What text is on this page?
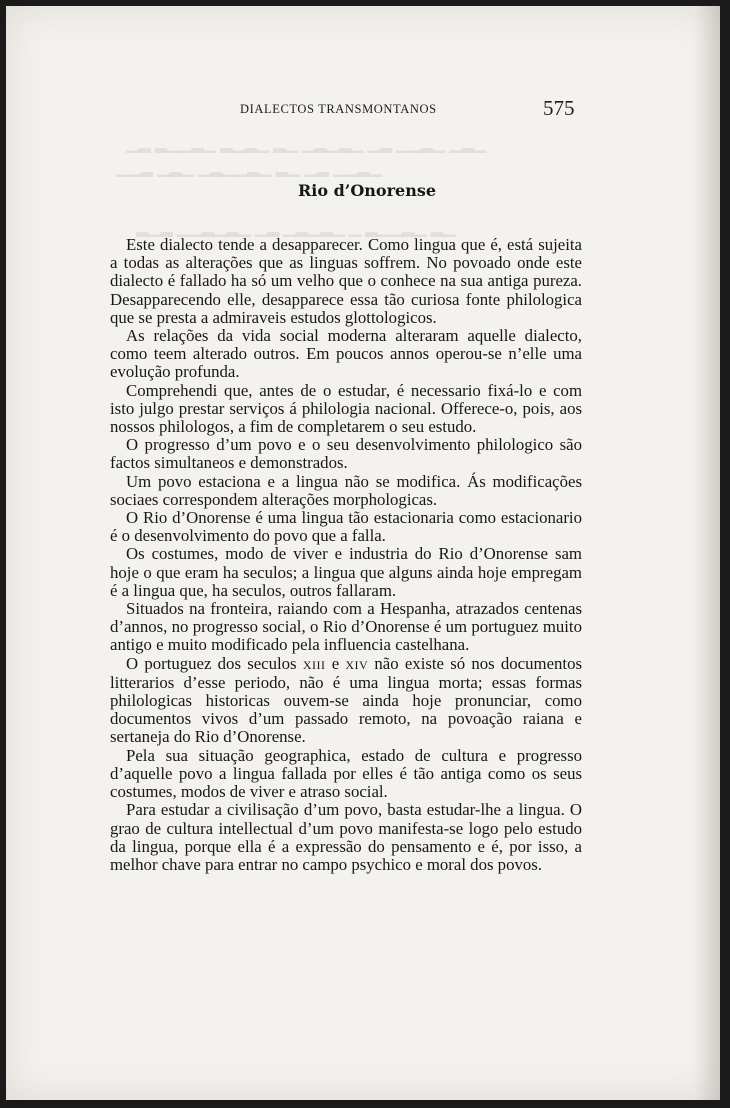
▁▂▁ ▁▂▁▁ ▂▁ ▁▂▁▂▁ ▁▂ ▁▂▁▂ ▁▂▁▁▂ ▂▁
▁▂▁▁ ▂▁ ▁▂ ▁▂▁▁▂▁ ▁▂▁ ▂▁▁
▁▂ ▁▂▁▁▂ ▁ ▁▂▁▂▁ ▂▁ ▁▂▁▂▁▁ ▂▁▂
DIALECTOS TRANSMONTANOS	575
Rio d’Onorense

Este dialecto tende a desapparecer. Como lingua que é, está sujeita a todas as alterações que as linguas soffrem. No povoado onde este dialecto é fallado ha só um velho que o conhece na sua antiga pureza. Desapparecendo elle, desapparece essa tão curiosa fonte philologica que se presta a admiraveis estudos glottologicos.

As relações da vida social moderna alteraram aquelle dialecto, como teem alterado outros. Em poucos annos operou-se n’elle uma evolução profunda.

Comprehendi que, antes de o estudar, é necessario fixá-lo e com isto julgo prestar serviços á philologia nacional. Offerece-o, pois, aos nossos philologos, a fim de completarem o seu estudo.

O progresso d’um povo e o seu desenvolvimento philologico são factos simultaneos e demonstrados.

Um povo estaciona e a lingua não se modifica. Ás modificações sociaes correspondem alterações morphologicas.

O Rio d’Onorense é uma lingua tão estacionaria como estacionario é o desenvolvimento do povo que a falla.

Os costumes, modo de viver e industria do Rio d’Onorense sam hoje o que eram ha seculos; a lingua que alguns ainda hoje empregam é a lingua que, ha seculos, outros fallaram.

Situados na fronteira, raiando com a Hespanha, atrazados centenas d’annos, no progresso social, o Rio d’Onorense é um portuguez muito antigo e muito modificado pela influencia castelhana.

O portuguez dos seculos XIII e XIV não existe só nos documentos litterarios d’esse periodo, não é uma lingua morta; essas formas philologicas historicas ouvem-se ainda hoje pronunciar, como documentos vivos d’um passado remoto, na povoação raiana e sertaneja do Rio d’Onorense.

Pela sua situação geographica, estado de cultura e progresso d’aquelle povo a lingua fallada por elles é tão antiga como os seus costumes, modos de viver e atraso social.

Para estudar a civilisação d’um povo, basta estudar-lhe a lingua. O grao de cultura intellectual d’um povo manifesta-se logo pelo estudo da lingua, porque ella é a expressão do pensamento e é, por isso, a melhor chave para entrar no campo psychico e moral dos povos.
